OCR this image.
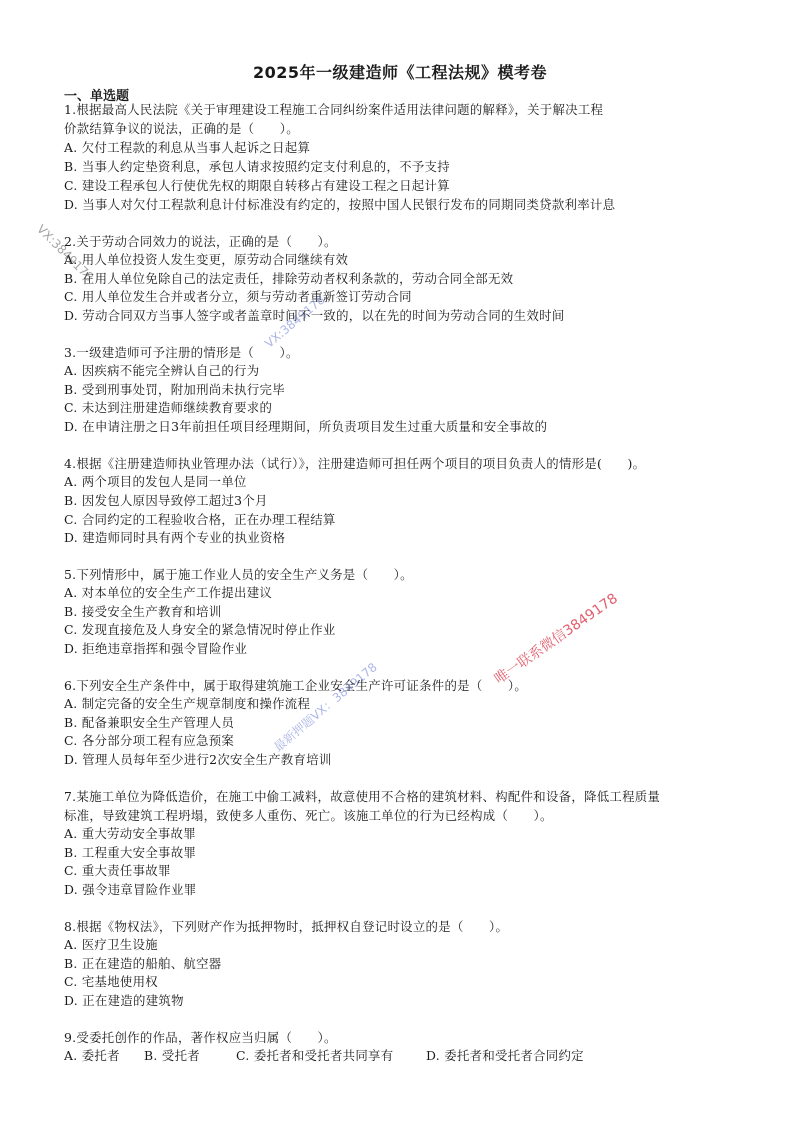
2025年一级建造师《工程法规》模考卷
一、单选题
1.根据最高人民法院《关于审理建设工程施工合同纠纷案件适用法律问题的解释》，关于解决工程
价款结算争议的说法，正确的是（　　）。
A. 欠付工程款的利息从当事人起诉之日起算
B. 当事人约定垫资利息，承包人请求按照约定支付利息的，不予支持
C. 建设工程承包人行使优先权的期限自转移占有建设工程之日起计算
D. 当事人对欠付工程款利息计付标准没有约定的，按照中国人民银行发布的同期同类贷款利率计息
2.关于劳动合同效力的说法，正确的是（　　）。
A. 用人单位投资人发生变更，原劳动合同继续有效
B. 在用人单位免除自己的法定责任，排除劳动者权利条款的，劳动合同全部无效
C. 用人单位发生合并或者分立，须与劳动者重新签订劳动合同
D. 劳动合同双方当事人签字或者盖章时间不一致的，以在先的时间为劳动合同的生效时间
3.一级建造师可予注册的情形是（　　）。
A. 因疾病不能完全辨认自己的行为
B. 受到刑事处罚，附加刑尚未执行完毕
C. 未达到注册建造师继续教育要求的
D. 在申请注册之日3年前担任项目经理期间，所负责项目发生过重大质量和安全事故的
4.根据《注册建造师执业管理办法（试行）》，注册建造师可担任两个项目的项目负责人的情形是(　　)。
A. 两个项目的发包人是同一单位
B. 因发包人原因导致停工超过3个月
C. 合同约定的工程验收合格，正在办理工程结算
D. 建造师同时具有两个专业的执业资格
5.下列情形中，属于施工作业人员的安全生产义务是（　　）。
A. 对本单位的安全生产工作提出建议
B. 接受安全生产教育和培训
C. 发现直接危及人身安全的紧急情况时停止作业
D. 拒绝违章指挥和强令冒险作业
6.下列安全生产条件中，属于取得建筑施工企业安全生产许可证条件的是（　　）。
A. 制定完备的安全生产规章制度和操作流程
B. 配备兼职安全生产管理人员
C. 各分部分项工程有应急预案
D. 管理人员每年至少进行2次安全生产教育培训
7.某施工单位为降低造价，在施工中偷工减料，故意使用不合格的建筑材料、构配件和设备，降低工程质量
标准，导致建筑工程坍塌，致使多人重伤、死亡。该施工单位的行为已经构成（　　）。
A. 重大劳动安全事故罪
B. 工程重大安全事故罪
C. 重大责任事故罪
D. 强令违章冒险作业罪
8.根据《物权法》，下列财产作为抵押物时，抵押权自登记时设立的是（　　）。
A. 医疗卫生设施
B. 正在建造的船舶、航空器
C. 宅基地使用权
D. 正在建造的建筑物
9.受委托创作的作品，著作权应当归属（　　）。
A. 委托者	B. 受托者	C. 委托者和受托者共同享有	D. 委托者和受托者合同约定
VX:3849178
唯一联系微信3849178
VX:3849178
最新押题VX：3849178
